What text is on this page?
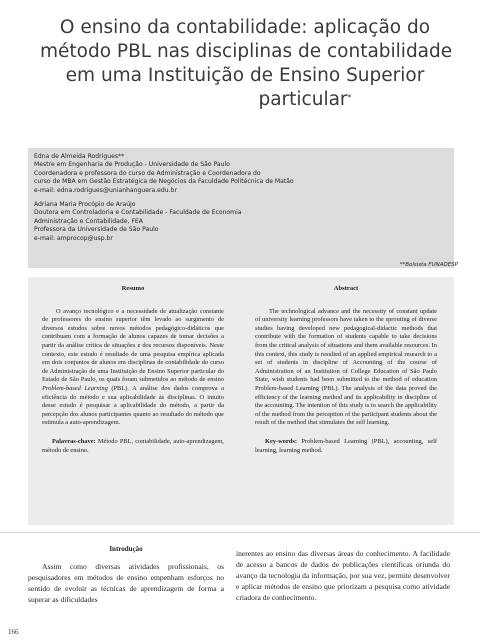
O ensino da contabilidade: aplicação do
método PBL nas disciplinas de contabilidade
em uma Instituição de Ensino Superior
particular*
Edna de Almeida Rodrigues**
Mestre em Engenharia de Produção - Universidade de São Paulo
Coordenadora e professora do curso de Administração e Coordenadora do
curso de MBA em Gestão Estratégica de Negócios da Faculdade Politécnica de Matão
e-mail: edna.rodrigues@unianhanguera.edu.br
Adriana Maria Procópio de Araújo
Doutora em Controladoria e Contabilidade - Faculdade de Economia
Administração e Contabilidade, FEA
Professora da Universidade de São Paulo
e-mail: amprocop@usp.br
**Bolsista FUNADESP
Resumo

O avanço tecnológico e a necessidade de atualização constante de professores do ensino superior têm levado ao surgimento de diversos estudos sobre novos métodos pedagógico-didáticos que contribuam com a formação de alunos capazes de tomar decisões a partir da análise crítica de situações e dos recursos disponíveis. Neste contexto, este estudo é resultado de uma pesquisa empírica aplicada em dois conjuntos de alunos em disciplinas de contabilidade do curso de Administração de uma Instituição de Ensino Superior particular do Estado de São Paulo, os quais foram submetidos ao método de ensino Problem-based Learning (PBL). A análise dos dados comprova a eficiência do método e sua aplicabilidade às disciplinas. O intuito desse estudo é pesquisar a aplicabilidade do método, a partir da percepção dos alunos participantes quanto ao resultado do método que estimula a auto-aprendizagem.

Palavras-chave: Método PBL, contabilidade, auto-aprendizagem, método de ensino.

Abstract

The technological advance and the necessity of constant update of university learning professors have taken to the sprouting of diverse studies having developed new pedagogical-didactic methods that contribute with the formation of students capable to take decisions from the critical analysis of situations and them available resources. In this context, this study is resulted of an applied empirical research to a set of students in discipline of Accounting of the course of Administration of an Institution of College Education of São Paulo State, wish students had been submitted to the method of education Problem-based Learning (PBL). The analysis of the data proved the efficiency of the learning method and its applicability in discipline of the accounting. The intention of this study is to search the applicability of the method from the perception of the participant students about the result of the method that stimulates the self learning.

Key-words: Problem-based Learning (PBL), accounting, self learning, learning method.

Introdução

Assim como diversas atividades profissionais, os pesquisadores em métodos de ensino empenham esforços no sentido de evoluir as técnicas de aprendizagem de forma a superar as dificuldades

inerentes ao ensino das diversas áreas do conhecimento. A facilidade de acesso a bancos de dados de publicações científicas oriunda do avanço da tecnologia da informação, por sua vez, permite desenvolver e aplicar métodos de ensino que priorizam a pesquisa como atividade criadora de conhecimento.

166
